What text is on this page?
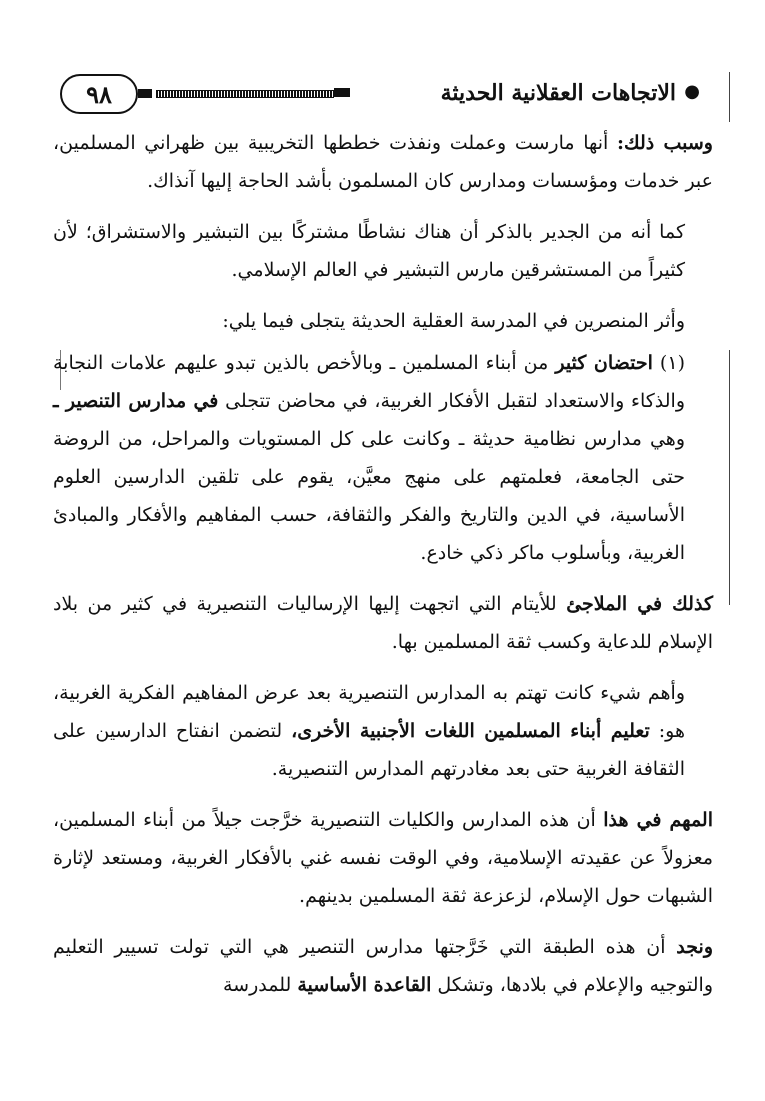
٩٨	الاتجاهات العقلانية الحديثة ●

وسبب ذلك: أنها مارست وعملت ونفذت خططها التخريبية بين ظهراني المسلمين، عبر خدمات ومؤسسات ومدارس كان المسلمون بأشد الحاجة إليها آنذاك.

كما أنه من الجدير بالذكر أن هناك نشاطًا مشتركًا بين التبشير والاستشراق؛ لأن كثيراً من المستشرقين مارس التبشير في العالم الإسلامي.

وأثر المنصرين في المدرسة العقلية الحديثة يتجلى فيما يلي:

(١) احتضان كثير من أبناء المسلمين ـ وبالأخص بالذين تبدو عليهم علامات النجابة والذكاء والاستعداد لتقبل الأفكار الغربية، في محاضن تتجلى في مدارس التنصير ـ وهي مدارس نظامية حديثة ـ وكانت على كل المستويات والمراحل، من الروضة حتى الجامعة، فعلمتهم على منهج معيَّن، يقوم على تلقين الدارسين العلوم الأساسية، في الدين والتاريخ والفكر والثقافة، حسب المفاهيم والأفكار والمبادئ الغربية، وبأسلوب ماكر ذكي خادع.

كذلك في الملاجئ للأيتام التي اتجهت إليها الإرساليات التنصيرية في كثير من بلاد الإسلام للدعاية وكسب ثقة المسلمين بها.

وأهم شيء كانت تهتم به المدارس التنصيرية بعد عرض المفاهيم الفكرية الغربية، هو: تعليم أبناء المسلمين اللغات الأجنبية الأخرى، لتضمن انفتاح الدارسين على الثقافة الغربية حتى بعد مغادرتهم المدارس التنصيرية.

المهم في هذا أن هذه المدارس والكليات التنصيرية خرَّجت جيلاً من أبناء المسلمين، معزولاً عن عقيدته الإسلامية، وفي الوقت نفسه غني بالأفكار الغربية، ومستعد لإثارة الشبهات حول الإسلام، لزعزعة ثقة المسلمين بدينهم.

ونجد أن هذه الطبقة التي خَرَّجتها مدارس التنصير هي التي تولت تسيير التعليم والتوجيه والإعلام في بلادها، وتشكل القاعدة الأساسية للمدرسة
